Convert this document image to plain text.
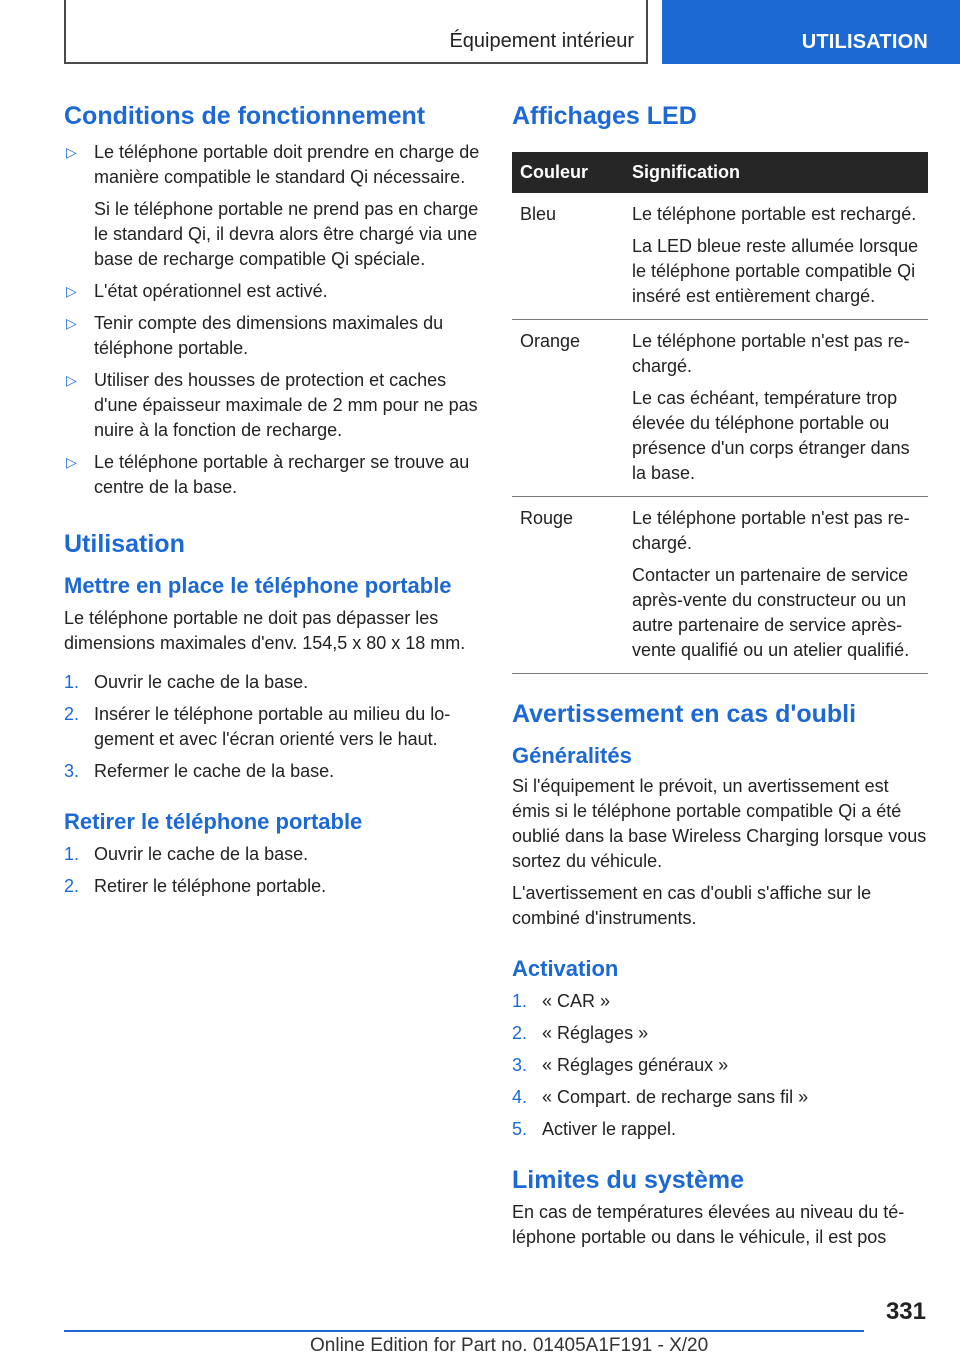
Équipement intérieur	UTILISATION
Conditions de fonctionnement
▷ Le téléphone portable doit prendre en charge de manière compatible le standard Qi nécessaire.

Si le téléphone portable ne prend pas en charge le standard Qi, il devra alors être chargé via une base de recharge compatible Qi spéciale.

▷ L'état opérationnel est activé.
▷ Tenir compte des dimensions maximales du téléphone portable.
▷ Utiliser des housses de protection et caches d'une épaisseur maximale de 2 mm pour ne pas nuire à la fonction de recharge.
▷ Le téléphone portable à recharger se trouve au centre de la base.
Utilisation
Mettre en place le téléphone portable

Le téléphone portable ne doit pas dépasser les dimensions maximales d'env. 154,5 x 80 x 18 mm.

1. Ouvrir le cache de la base.
2. Insérer le téléphone portable au milieu du logement et avec l'écran orienté vers le haut.
3. Refermer le cache de la base.
Retirer le téléphone portable
1. Ouvrir le cache de la base.
2. Retirer le téléphone portable.
Affichages LED
Couleur	Signification
Bleu	Le téléphone portable est rechargé.

La LED bleue reste allumée lorsque le téléphone portable compatible Qi inséré est entièrement chargé.

Orange	Le téléphone portable n'est pas rechargé.

Le cas échéant, température trop élevée du téléphone portable ou présence d'un corps étranger dans la base.

Rouge	Le téléphone portable n'est pas rechargé.

Contacter un partenaire de service après-vente du constructeur ou un autre partenaire de service après-vente qualifié ou un atelier qualifié.

Avertissement en cas d'oubli
Généralités

Si l'équipement le prévoit, un avertissement est émis si le téléphone portable compatible Qi a été oublié dans la base Wireless Charging lorsque vous sortez du véhicule.

L'avertissement en cas d'oubli s'affiche sur le combiné d'instruments.

Activation
1. « CAR »
2. « Réglages »
3. « Réglages généraux »
4. « Compart. de recharge sans fil »
5. Activer le rappel.
Limites du système

En cas de températures élevées au niveau du téléphone portable ou dans le véhicule, il est pos

331
Online Edition for Part no. 01405A1F191 - X/20
